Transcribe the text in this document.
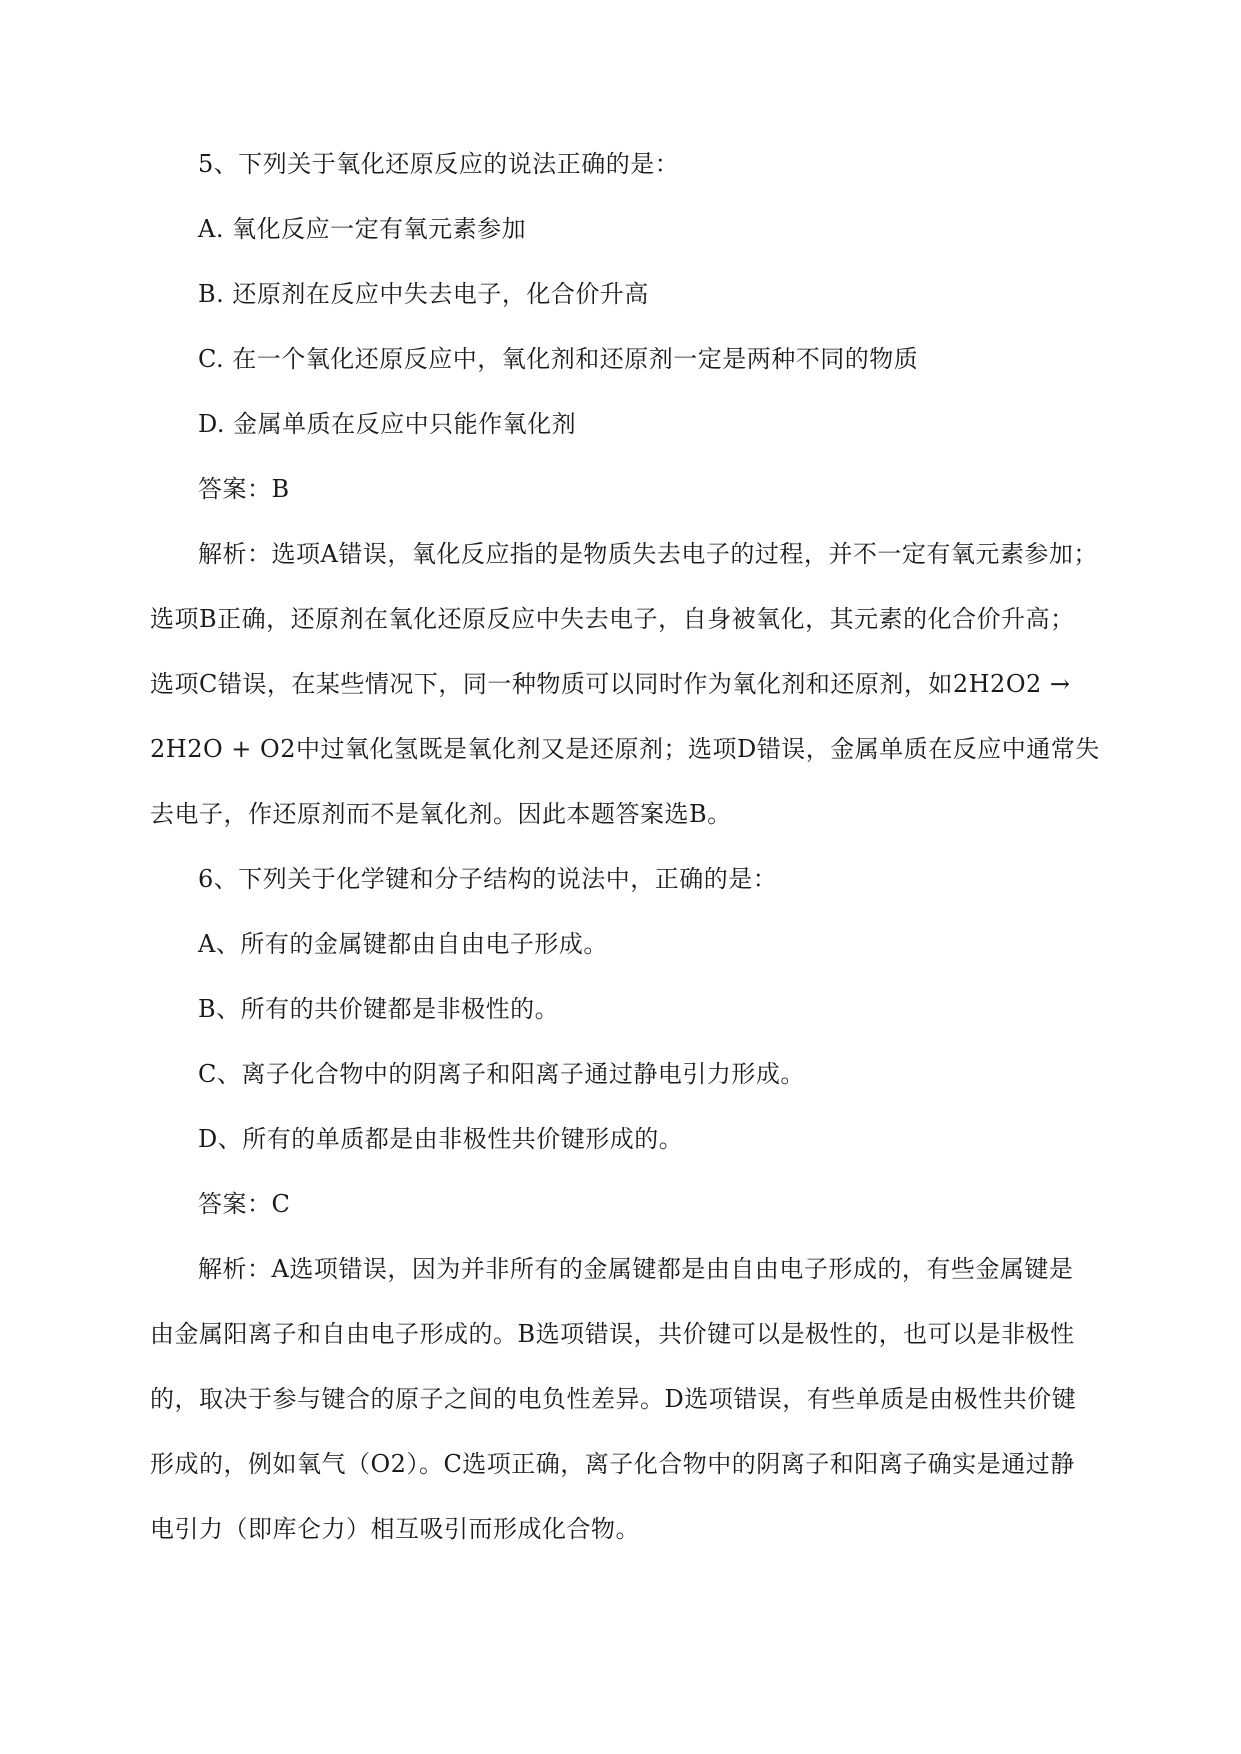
5、下列关于氧化还原反应的说法正确的是：
A. 氧化反应一定有氧元素参加
B. 还原剂在反应中失去电子，化合价升高
C. 在一个氧化还原反应中，氧化剂和还原剂一定是两种不同的物质
D. 金属单质在反应中只能作氧化剂
答案：B
解析：选项A错误，氧化反应指的是物质失去电子的过程，并不一定有氧元素参加；
选项B正确，还原剂在氧化还原反应中失去电子，自身被氧化，其元素的化合价升高；
选项C错误，在某些情况下，同一种物质可以同时作为氧化剂和还原剂，如2H2O2 →
2H2O + O2中过氧化氢既是氧化剂又是还原剂；选项D错误，金属单质在反应中通常失
去电子，作还原剂而不是氧化剂。因此本题答案选B。
6、下列关于化学键和分子结构的说法中，正确的是：
A、所有的金属键都由自由电子形成。
B、所有的共价键都是非极性的。
C、离子化合物中的阴离子和阳离子通过静电引力形成。
D、所有的单质都是由非极性共价键形成的。
答案：C
解析：A选项错误，因为并非所有的金属键都是由自由电子形成的，有些金属键是
由金属阳离子和自由电子形成的。B选项错误，共价键可以是极性的，也可以是非极性
的，取决于参与键合的原子之间的电负性差异。D选项错误，有些单质是由极性共价键
形成的，例如氧气（O2）。C选项正确，离子化合物中的阴离子和阳离子确实是通过静
电引力（即库仑力）相互吸引而形成化合物。
